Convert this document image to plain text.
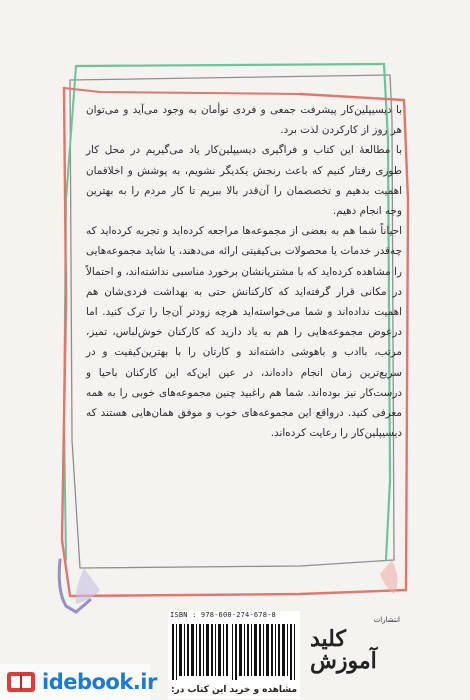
با دیسیپلین‌کار پیشرفت جمعی و فردی توأمان به وجود می‌آید و می‌توان هر روز از کارکردن لذت برد.

با مطالعهٔ این کتاب و فراگیری دیسیپلین‌کار یاد می‌گیریم در محل کار طوری رفتار کنیم که باعث رنجش یکدیگر نشویم، به پوشش و اخلاقمان اهمیت بدهیم و تخصصمان را آن‌قدر بالا ببریم تا کار مردم را به بهترین وجه انجام دهیم.

احیاناً شما هم به بعضی از مجموعه‌ها مراجعه کرده‌اید و تجربه کرده‌اید که چه‌قدر خدمات یا محصولات بی‌کیفیتی ارائه می‌دهند، یا شاید مجموعه‌هایی را مشاهده کرده‌اید که با مشتریانشان برخورد مناسبی نداشته‌اند، و احتمالاً در مکانی قرار گرفته‌اید که کارکنانش حتی به بهداشت فردی‌شان هم اهمیت نداده‌اند و شما می‌خواسته‌اید هرچه زودتر آن‌جا را ترک کنید. اما درعوض مجموعه‌هایی را هم به یاد دارید که کارکنان خوش‌لباس، تمیز، مرتب، باادب و باهوشی داشته‌اند و کارتان را با بهترین‌کیفیت و در سریع‌ترین زمان انجام داده‌اند، در عین این‌که این کارکنان باحیا و درست‌کار نیز بوده‌اند. شما هم راغبید چنین مجموعه‌های خوبی را به همه معرفی کنید. درواقع این مجموعه‌های خوب و موفق همان‌هایی هستند که دیسیپلین‌کار را رعایت کرده‌اند.

ISBN : 978-600-274-678-8
انتشارات
کلید آموزش
idebook.ir	مشاهده و خرید این کتاب در:
